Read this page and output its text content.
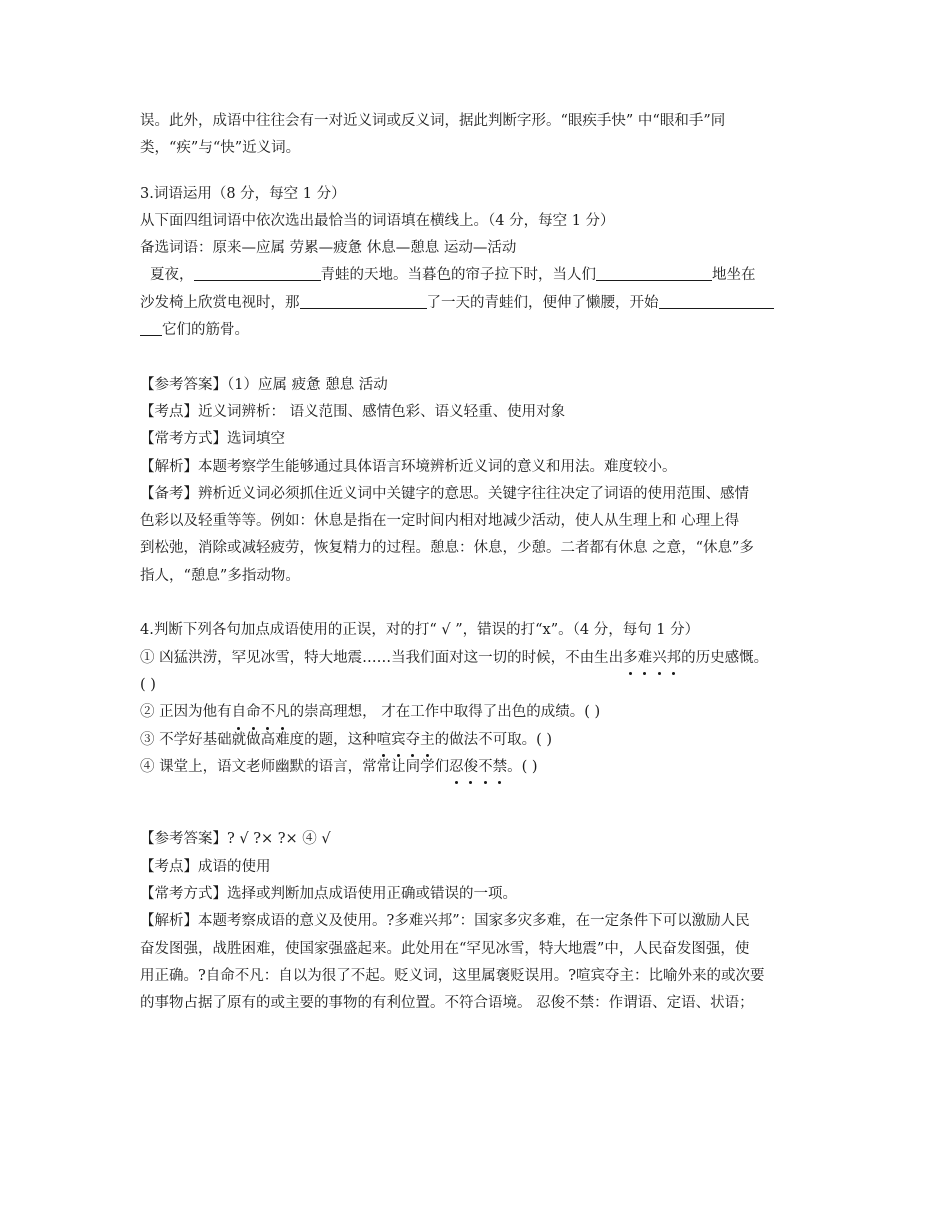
误。此外，成语中往往会有一对近义词或反义词，据此判断字形。“眼疾手快” 中“眼和手”同
类，“疾”与“快”近义词。
3.词语运用（8 分，每空 1 分）
从下面四组词语中依次选出最恰当的词语填在横线上。（4 分，每空 1 分）
备选词语：原来—应属 劳累—疲惫 休息—憩息 运动—活动
夏夜，	青蛙的天地。当暮色的帘子拉下时，当人们	地坐在
沙发椅上欣赏电视时，那	了一天的青蛙们，便伸了懒腰，开始
它们的筋骨。
【参考答案】（1）应属 疲惫 憩息 活动
【考点】近义词辨析： 语义范围、感情色彩、语义轻重、使用对象
【常考方式】选词填空
【解析】本题考察学生能够通过具体语言环境辨析近义词的意义和用法。难度较小。
【备考】辨析近义词必须抓住近义词中关键字的意思。关键字往往决定了词语的使用范围、感情
色彩以及轻重等等。例如：休息是指在一定时间内相对地减少活动，使人从生理上和 心理上得
到松弛，消除或减轻疲劳，恢复精力的过程。憩息：休息，少憩。二者都有休息 之意，“休息”多
指人，“憩息”多指动物。
4.判断下列各句加点成语使用的正误，对的打“ √ ”，错误的打“x”。（4 分，每句 1 分）
① 凶猛洪涝，罕见冰雪，特大地震……当我们面对这一切的时候，不由生出多难兴邦的历史感慨。
( )
② 正因为他有自命不凡的崇高理想， 才在工作中取得了出色的成绩。( )
③ 不学好基础就做高难度的题，这种喧宾夺主的做法不可取。( )
④ 课堂上，语文老师幽默的语言，常常让同学们忍俊不禁。( )
【参考答案】? √ ?× ?× ④ √
【考点】成语的使用
【常考方式】选择或判断加点成语使用正确或错误的一项。
【解析】本题考察成语的意义及使用。?多难兴邦”：国家多灾多难，在一定条件下可以激励人民
奋发图强，战胜困难，使国家强盛起来。此处用在“罕见冰雪，特大地震”中，人民奋发图强，使
用正确。?自命不凡：自以为很了不起。贬义词，这里属褒贬误用。?喧宾夺主：比喻外来的或次要
的事物占据了原有的或主要的事物的有利位置。不符合语境。 忍俊不禁：作谓语、定语、状语；
